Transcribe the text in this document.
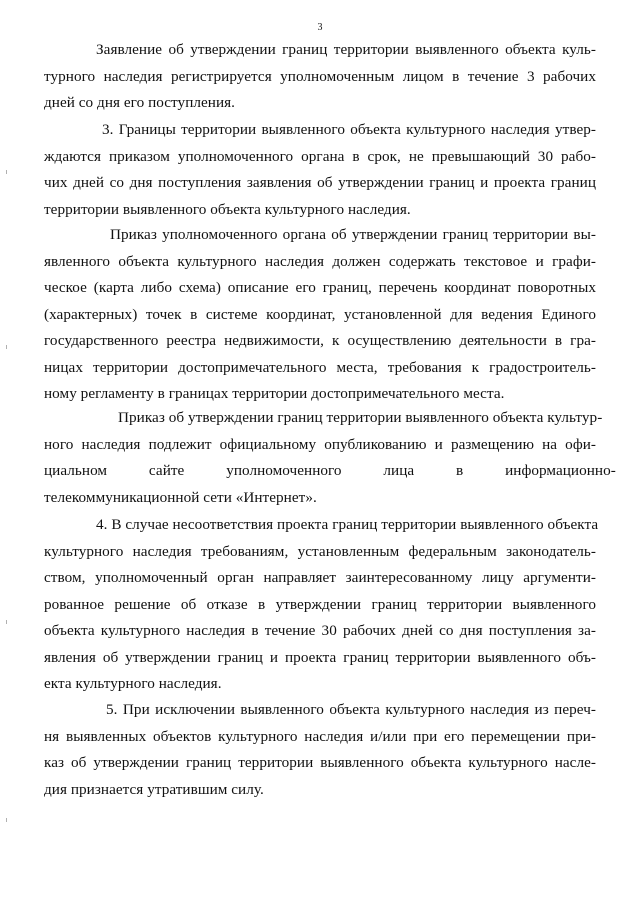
3
Заявление об утверждении границ территории выявленного объекта куль-
турного наследия регистрируется уполномоченным лицом в течение 3 рабочих
дней со дня его поступления.
3. Границы территории выявленного объекта культурного наследия утвер-
ждаются приказом уполномоченного органа в срок, не превышающий 30 рабо-
чих дней со дня поступления заявления об утверждении границ и проекта границ
территории выявленного объекта культурного наследия.
Приказ уполномоченного органа об утверждении границ территории вы-
явленного объекта культурного наследия должен содержать текстовое и графи-
ческое (карта либо схема) описание его границ, перечень координат поворотных
(характерных) точек в системе координат, установленной для ведения Единого
государственного реестра недвижимости, к осуществлению деятельности в гра-
ницах территории достопримечательного места, требования к градостроитель-
ному регламенту в границах территории достопримечательного места.
Приказ об утверждении границ территории выявленного объекта культур-
ного наследия подлежит официальному опубликованию и размещению на офи-
циальном сайте уполномоченного лица в информационно-
телекоммуникационной сети «Интернет».
4. В случае несоответствия проекта границ территории выявленного объекта
культурного наследия требованиям, установленным федеральным законодатель-
ством, уполномоченный орган направляет заинтересованному лицу аргументи-
рованное решение об отказе в утверждении границ территории выявленного
объекта культурного наследия в течение 30 рабочих дней со дня поступления за-
явления об утверждении границ и проекта границ территории выявленного объ-
екта культурного наследия.
5. При исключении выявленного объекта культурного наследия из переч-
ня выявленных объектов культурного наследия и/или при его перемещении при-
каз об утверждении границ территории выявленного объекта культурного насле-
дия признается утратившим силу.
